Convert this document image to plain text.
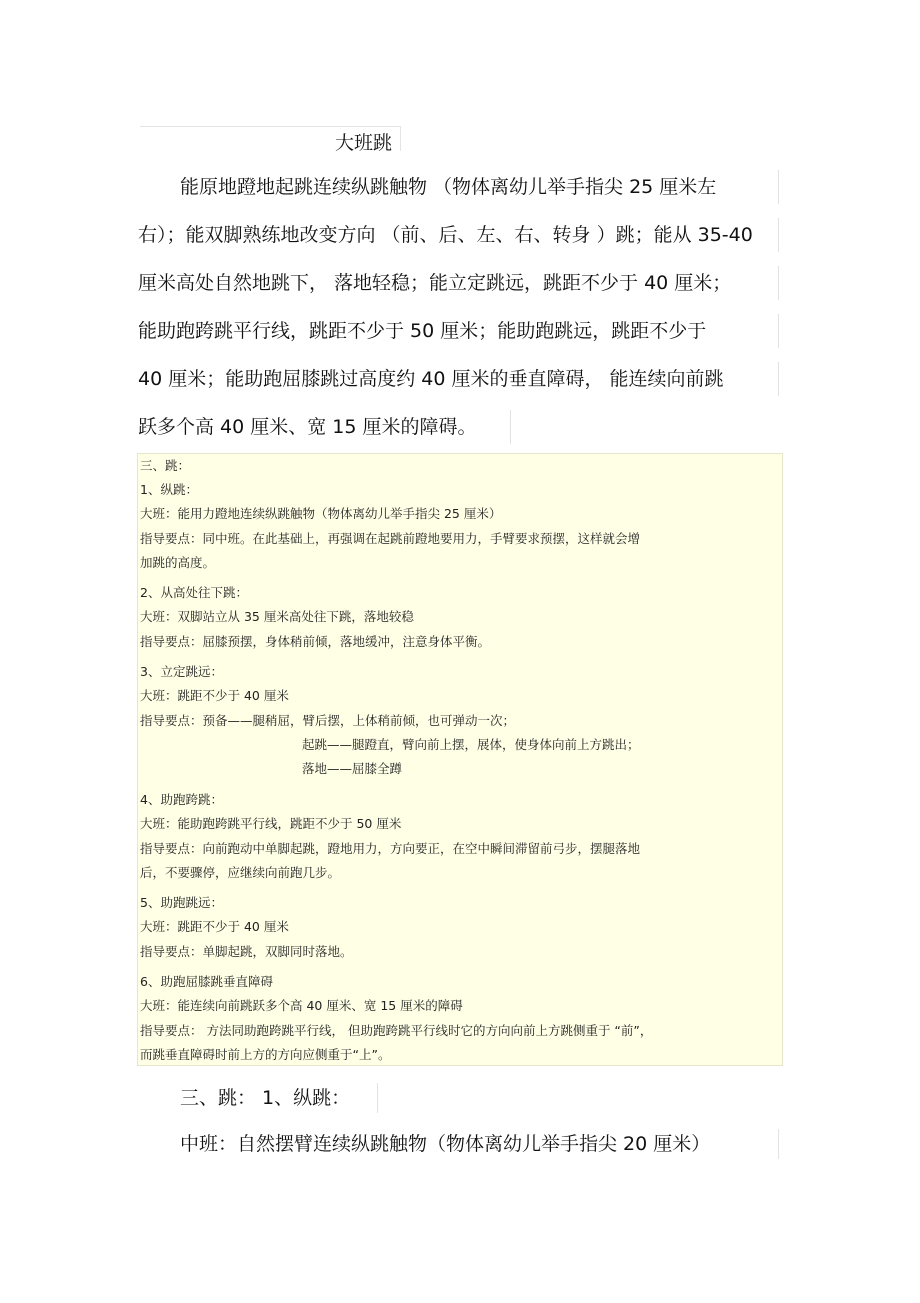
大班跳
能原地蹬地起跳连续纵跳触物 （物体离幼儿举手指尖 25 厘米左
右）；能双脚熟练地改变方向 （前、后、左、右、转身 ）跳；能从 35-40
厘米高处自然地跳下， 落地轻稳；能立定跳远，跳距不少于 40 厘米；
能助跑跨跳平行线，跳距不少于 50 厘米；能助跑跳远，跳距不少于
40 厘米；能助跑屈膝跳过高度约 40 厘米的垂直障碍， 能连续向前跳
跃多个高 40 厘米、宽 15 厘米的障碍。
三、跳：
1、纵跳：
大班：能用力蹬地连续纵跳触物（物体离幼儿举手指尖 25 厘米）
指导要点：同中班。在此基础上，再强调在起跳前蹬地要用力，手臂要求预摆，这样就会增
加跳的高度。
2、从高处往下跳：
大班：双脚站立从 35 厘米高处往下跳，落地较稳
指导要点：屈膝预摆，身体稍前倾，落地缓冲，注意身体平衡。
3、立定跳远：
大班：跳距不少于 40 厘米
指导要点：预备——腿稍屈，臂后摆，上体稍前倾，也可弹动一次；
起跳——腿蹬直，臂向前上摆，展体，使身体向前上方跳出；
落地——屈膝全蹲
4、助跑跨跳：
大班：能助跑跨跳平行线，跳距不少于 50 厘米
指导要点：向前跑动中单脚起跳，蹬地用力，方向要正，在空中瞬间滞留前弓步，摆腿落地
后，不要骤停，应继续向前跑几步。
5、助跑跳远：
大班：跳距不少于 40 厘米
指导要点：单脚起跳，双脚同时落地。
6、助跑屈膝跳垂直障碍
大班：能连续向前跳跃多个高 40 厘米、宽 15 厘米的障碍
指导要点： 方法同助跑跨跳平行线， 但助跑跨跳平行线时它的方向向前上方跳侧重于 “前”，
而跳垂直障碍时前上方的方向应侧重于“上”。
三、跳： 1、纵跳：
中班：自然摆臂连续纵跳触物（物体离幼儿举手指尖 20 厘米）
